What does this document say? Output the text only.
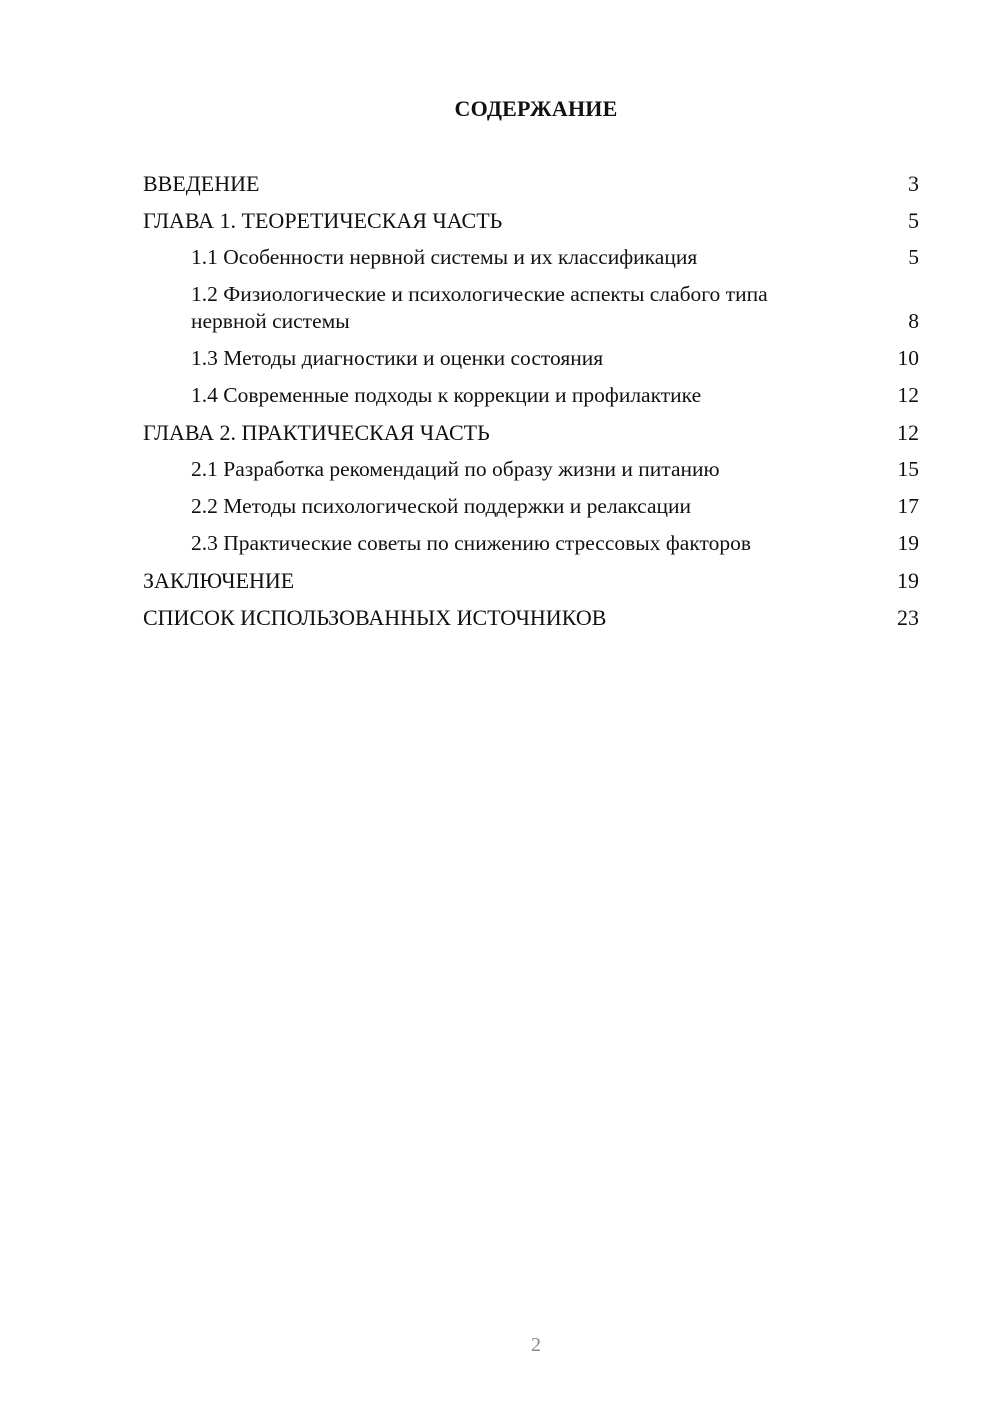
СОДЕРЖАНИЕ
ВВЕДЕНИЕ	3
ГЛАВА 1. ТЕОРЕТИЧЕСКАЯ ЧАСТЬ	5
1.1 Особенности нервной системы и их классификация	5
1.2 Физиологические и психологические аспекты слабого типа нервной системы	8
1.3 Методы диагностики и оценки состояния	10
1.4 Современные подходы к коррекции и профилактике	12
ГЛАВА 2. ПРАКТИЧЕСКАЯ ЧАСТЬ	12
2.1 Разработка рекомендаций по образу жизни и питанию	15
2.2 Методы психологической поддержки и релаксации	17
2.3 Практические советы по снижению стрессовых факторов	19
ЗАКЛЮЧЕНИЕ	19
СПИСОК ИСПОЛЬЗОВАННЫХ ИСТОЧНИКОВ	23
2
